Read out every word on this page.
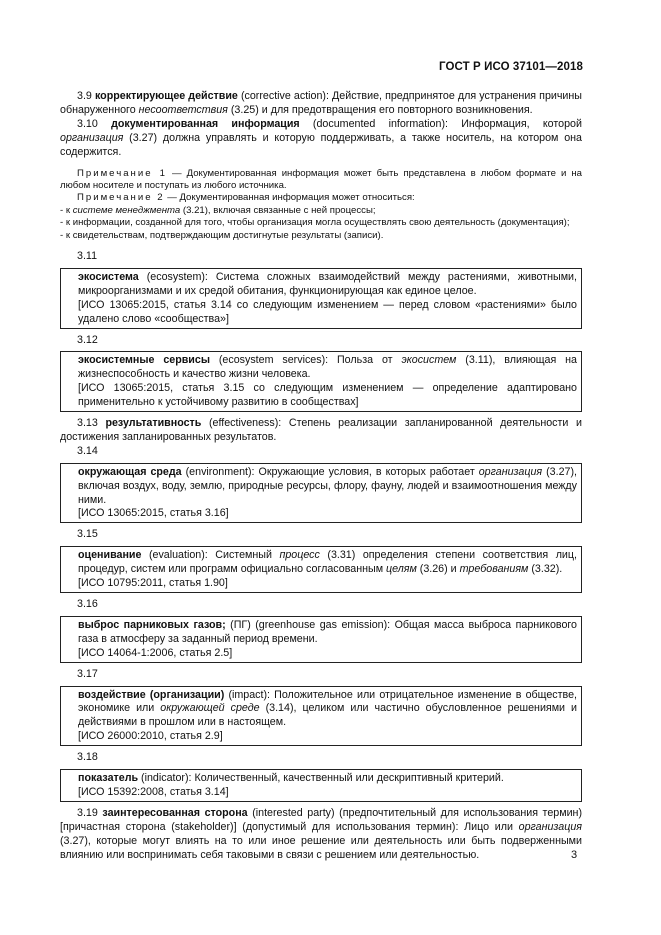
ГОСТ Р ИСО 37101—2018

3.9 корректирующее действие (corrective action): Действие, предпринятое для устранения причины обнаруженного несоответствия (3.25) и для предотвращения его повторного возникновения.

3.10 документированная информация (documented information): Информация, которой организация (3.27) должна управлять и которую поддерживать, а также носитель, на котором она содержится.

Примечание 1 — Документированная информация может быть представлена в любом формате и на любом носителе и поступать из любого источника.

Примечание 2 — Документированная информация может относиться:

- к системе менеджмента (3.21), включая связанные с ней процессы;

- к информации, созданной для того, чтобы организация могла осуществлять свою деятельность (документация);

- к свидетельствам, подтверждающим достигнутые результаты (записи).

3.11

экосистема (ecosystem): Система сложных взаимодействий между растениями, животными, микроорганизмами и их средой обитания, функционирующая как единое целое.

[ИСО 13065:2015, статья 3.14 со следующим изменением — перед словом «растениями» было удалено слово «сообщества»]

3.12

экосистемные сервисы (ecosystem services): Польза от экосистем (3.11), влияющая на жизнеспособность и качество жизни человека.

[ИСО 13065:2015, статья 3.15 со следующим изменением — определение адаптировано применительно к устойчивому развитию в сообществах]

3.13 результативность (effectiveness): Степень реализации запланированной деятельности и достижения запланированных результатов.

3.14

окружающая среда (environment): Окружающие условия, в которых работает организация (3.27), включая воздух, воду, землю, природные ресурсы, флору, фауну, людей и взаимоотношения между ними.

[ИСО 13065:2015, статья 3.16]

3.15

оценивание (evaluation): Системный процесс (3.31) определения степени соответствия лиц, процедур, систем или программ официально согласованным целям (3.26) и требованиям (3.32).

[ИСО 10795:2011, статья 1.90]

3.16

выброс парниковых газов; (ПГ) (greenhouse gas emission): Общая масса выброса парникового газа в атмосферу за заданный период времени.

[ИСО 14064-1:2006, статья 2.5]

3.17

воздействие (организации) (impact): Положительное или отрицательное изменение в обществе, экономике или окружающей среде (3.14), целиком или частично обусловленное решениями и действиями в прошлом или в настоящем.

[ИСО 26000:2010, статья 2.9]

3.18

показатель (indicator): Количественный, качественный или дескриптивный критерий.

[ИСО 15392:2008, статья 3.14]

3.19 заинтересованная сторона (interested party) (предпочтительный для использования термин) [причастная сторона (stakeholder)] (допустимый для использования термин): Лицо или организация (3.27), которые могут влиять на то или иное решение или деятельность или быть подверженными влиянию или воспринимать себя таковыми в связи с решением или деятельностью.	3
